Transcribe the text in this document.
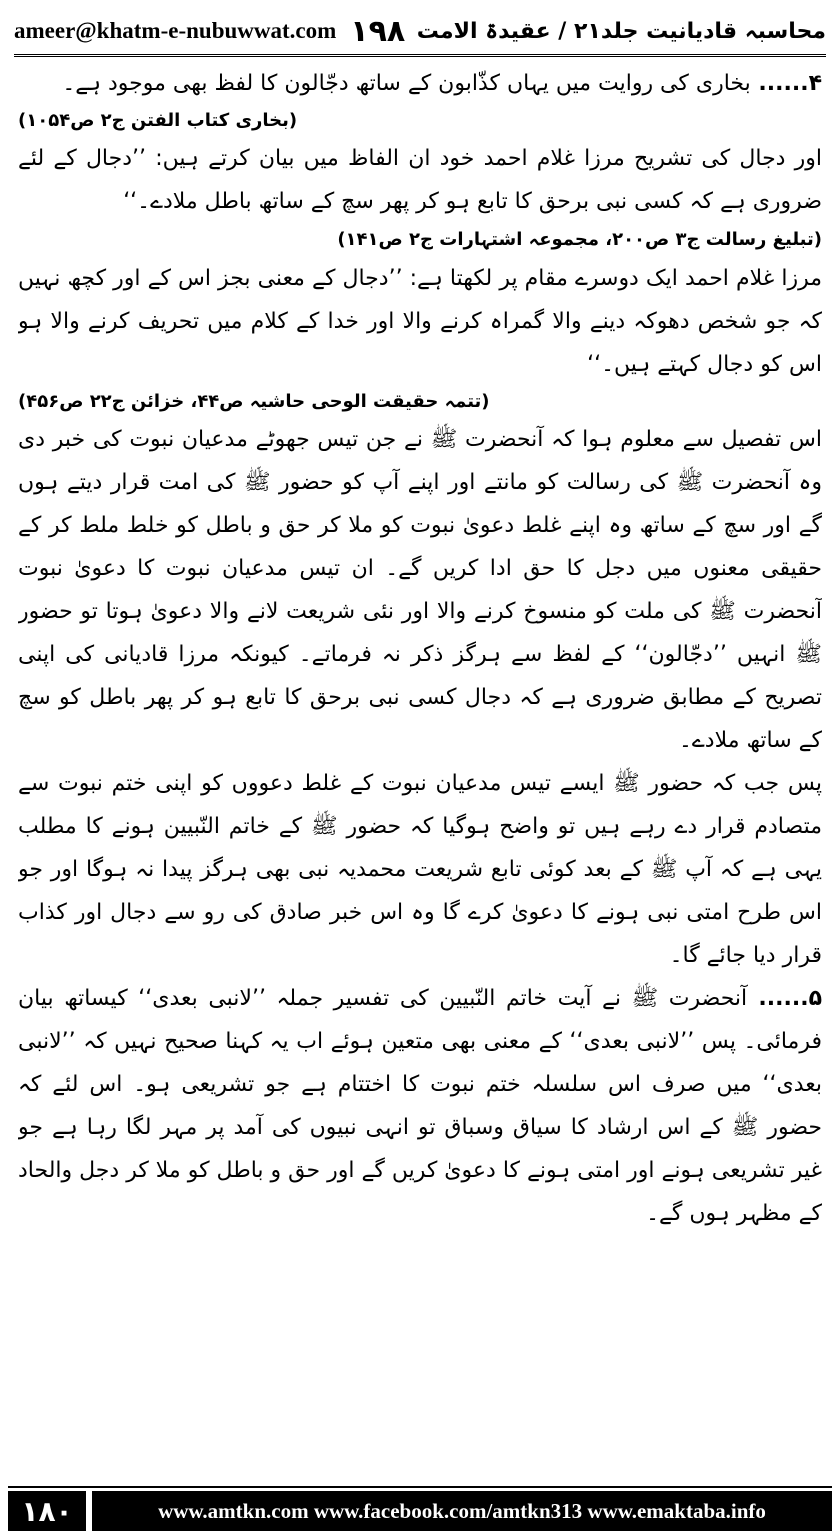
ameer@khatm-e-nubuwwat.com ۱۹۸ محاسبہ قادیانیت جلد۲۱ / عقیدۃ الامت

۴...... بخاری کی روایت میں یہاں کذّابون کے ساتھ دجّالون کا لفظ بھی موجود ہے۔

(بخاری کتاب الفتن ج۲ ص۱۰۵۴)

اور دجال کی تشریح مرزا غلام احمد خود ان الفاظ میں بیان کرتے ہیں: ’’دجال کے لئے ضروری ہے کہ کسی نبی برحق کا تابع ہو کر پھر سچ کے ساتھ باطل ملادے۔‘‘

(تبلیغ رسالت ج۳ ص۲۰۰، مجموعہ اشتہارات ج۲ ص۱۴۱)

مرزا غلام احمد ایک دوسرے مقام پر لکھتا ہے: ’’دجال کے معنی بجز اس کے اور کچھ نہیں کہ جو شخص دھوکہ دینے والا گمراہ کرنے والا اور خدا کے کلام میں تحریف کرنے والا ہو اس کو دجال کہتے ہیں۔‘‘

(تتمہ حقیقت الوحی حاشیہ ص۴۴، خزائن ج۲۲ ص۴۵۶)

اس تفصیل سے معلوم ہوا کہ آنحضرت ﷺ نے جن تیس جھوٹے مدعیان نبوت کی خبر دی وہ آنحضرت ﷺ کی رسالت کو مانتے اور اپنے آپ کو حضور ﷺ کی امت قرار دیتے ہوں گے اور سچ کے ساتھ وہ اپنے غلط دعویٰ نبوت کو ملا کر حق و باطل کو خلط ملط کر کے حقیقی معنوں میں دجل کا حق ادا کریں گے۔ ان تیس مدعیان نبوت کا دعویٰ نبوت آنحضرت ﷺ کی ملت کو منسوخ کرنے والا اور نئی شریعت لانے والا دعویٰ ہوتا تو حضور ﷺ انہیں ’’دجّالون‘‘ کے لفظ سے ہرگز ذکر نہ فرماتے۔ کیونکہ مرزا قادیانی کی اپنی تصریح کے مطابق ضروری ہے کہ دجال کسی نبی برحق کا تابع ہو کر پھر باطل کو سچ کے ساتھ ملادے۔

پس جب کہ حضور ﷺ ایسے تیس مدعیان نبوت کے غلط دعووں کو اپنی ختم نبوت سے متصادم قرار دے رہے ہیں تو واضح ہوگیا کہ حضور ﷺ کے خاتم النّبیین ہونے کا مطلب یہی ہے کہ آپ ﷺ کے بعد کوئی تابع شریعت محمدیہ نبی بھی ہرگز پیدا نہ ہوگا اور جو اس طرح امتی نبی ہونے کا دعویٰ کرے گا وہ اس خبر صادق کی رو سے دجال اور کذاب قرار دیا جائے گا۔

۵...... آنحضرت ﷺ نے آیت خاتم النّبیین کی تفسیر جملہ ’’لانبی بعدی‘‘ کیساتھ بیان فرمائی۔ پس ’’لانبی بعدی‘‘ کے معنی بھی متعین ہوئے اب یہ کہنا صحیح نہیں کہ ’’لانبی بعدی‘‘ میں صرف اس سلسلہ ختم نبوت کا اختتام ہے جو تشریعی ہو۔ اس لئے کہ حضور ﷺ کے اس ارشاد کا سیاق وسباق تو انہی نبیوں کی آمد پر مہر لگا رہا ہے جو غیر تشریعی ہونے اور امتی ہونے کا دعویٰ کریں گے اور حق و باطل کو ملا کر دجل والحاد کے مظہر ہوں گے۔

۱۸۰	www.amtkn.com www.facebook.com/amtkn313 www.emaktaba.info
